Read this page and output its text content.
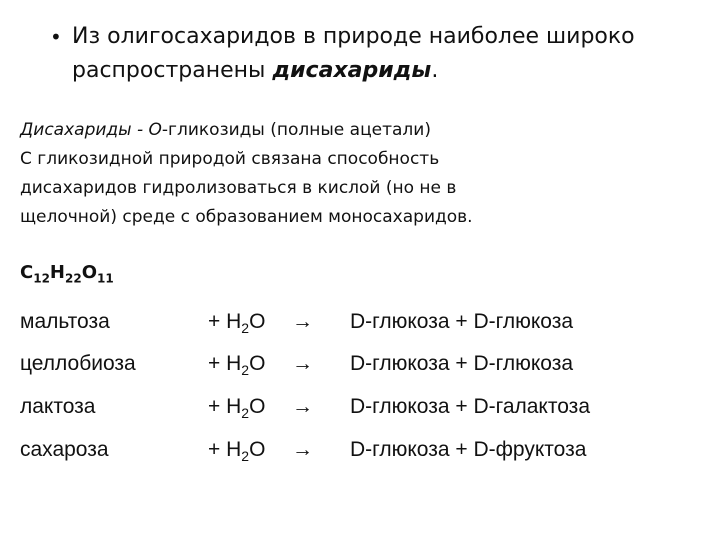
• Из олигосахаридов в природе наиболее широко
распространены дисахариды.
Дисахариды - О-гликозиды (полные ацетали)
С гликозидной природой связана способность
дисахаридов гидролизоваться в кислой (но не в
щелочной) среде с образованием моносахаридов.
$C_{12}H_{22}O_{11}$
мальтоза	+ $H_2O$ → D-глюкоза + D-глюкоза
целлобиоза	+ $H_2O$ → D-глюкоза + D-глюкоза
лактоза	+ $H_2O$ → D-глюкоза + D-галактоза
сахароза	+ $H_2O$ → D-глюкоза + D-фруктоза
